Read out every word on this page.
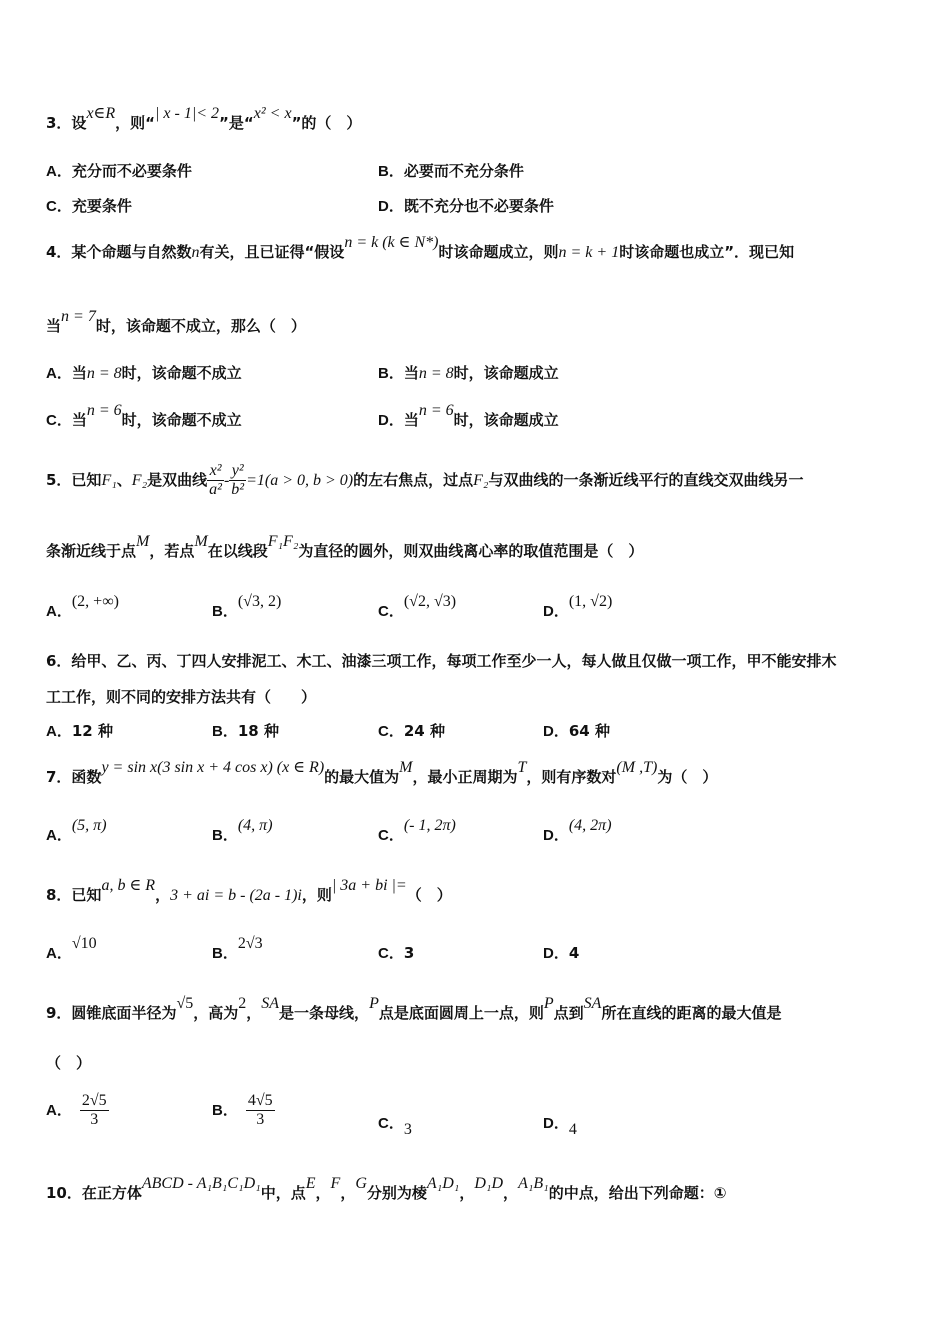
3．设x∈R，则“| x - 1|< 2”是“x² < x”的（　）
A．充分而不必要条件	B．必要而不充分条件
C．充要条件	D．既不充分也不必要条件
4．某个命题与自然数n有关，且已证得“假设n = k (k ∈ N*)时该命题成立，则n = k + 1时该命题也成立”．现已知
当n = 7时，该命题不成立，那么（　）
A．当n = 8时，该命题不成立	B．当n = 8时，该命题成立
C．当n = 6时，该命题不成立	D．当n = 6时，该命题成立
5．已知F₁、F₂是双曲线 $\frac{\text{x²}}{\text{a²}} - \frac{\text{y²}}{\text{b²}} =1(a > 0$, b > 0)的左右焦点，过点F₂与双曲线的一条渐近线平行的直线交双曲线另一
条渐近线于点M，若点M在以线段F₁F₂为直径的圆外，则双曲线离心率的取值范围是（　）
A．(2, +∞)
B．(√3, 2)
C．(√2, √3)
D．(1, √2)
6．给甲、乙、丙、丁四人安排泥工、木工、油漆三项工作，每项工作至少一人，每人做且仅做一项工作，甲不能安排木
工工作，则不同的安排方法共有（　　）
A．12 种	B．18 种	C．24 种	D．64 种
7．函数y = sin x(3 sin x + 4 cos x) (x ∈ R)的最大值为M，最小正周期为T，则有序数对(M ,T)为（　）
A．(5, π)
B．(4, π)
C．(- 1, 2π)
D．(4, 2π)
8．已知a, b ∈ R，3 + ai = b - (2a - 1)i，则| 3a + bi |=（　）
A．√10
B．2√3
C．3	D．4
9．圆锥底面半径为√5，高为2，SA是一条母线，P点是底面圆周上一点，则P点到SA所在直线的距离的最大值是
（　）
A． $\frac{2√5}{3}$	B． $\frac{4√5}{3}$	C．3	D．4
10．在正方体ABCD - A₁B₁C₁D₁中，点E，F，G分别为棱A₁D₁，D₁D，A₁B₁的中点，给出下列命题：①
